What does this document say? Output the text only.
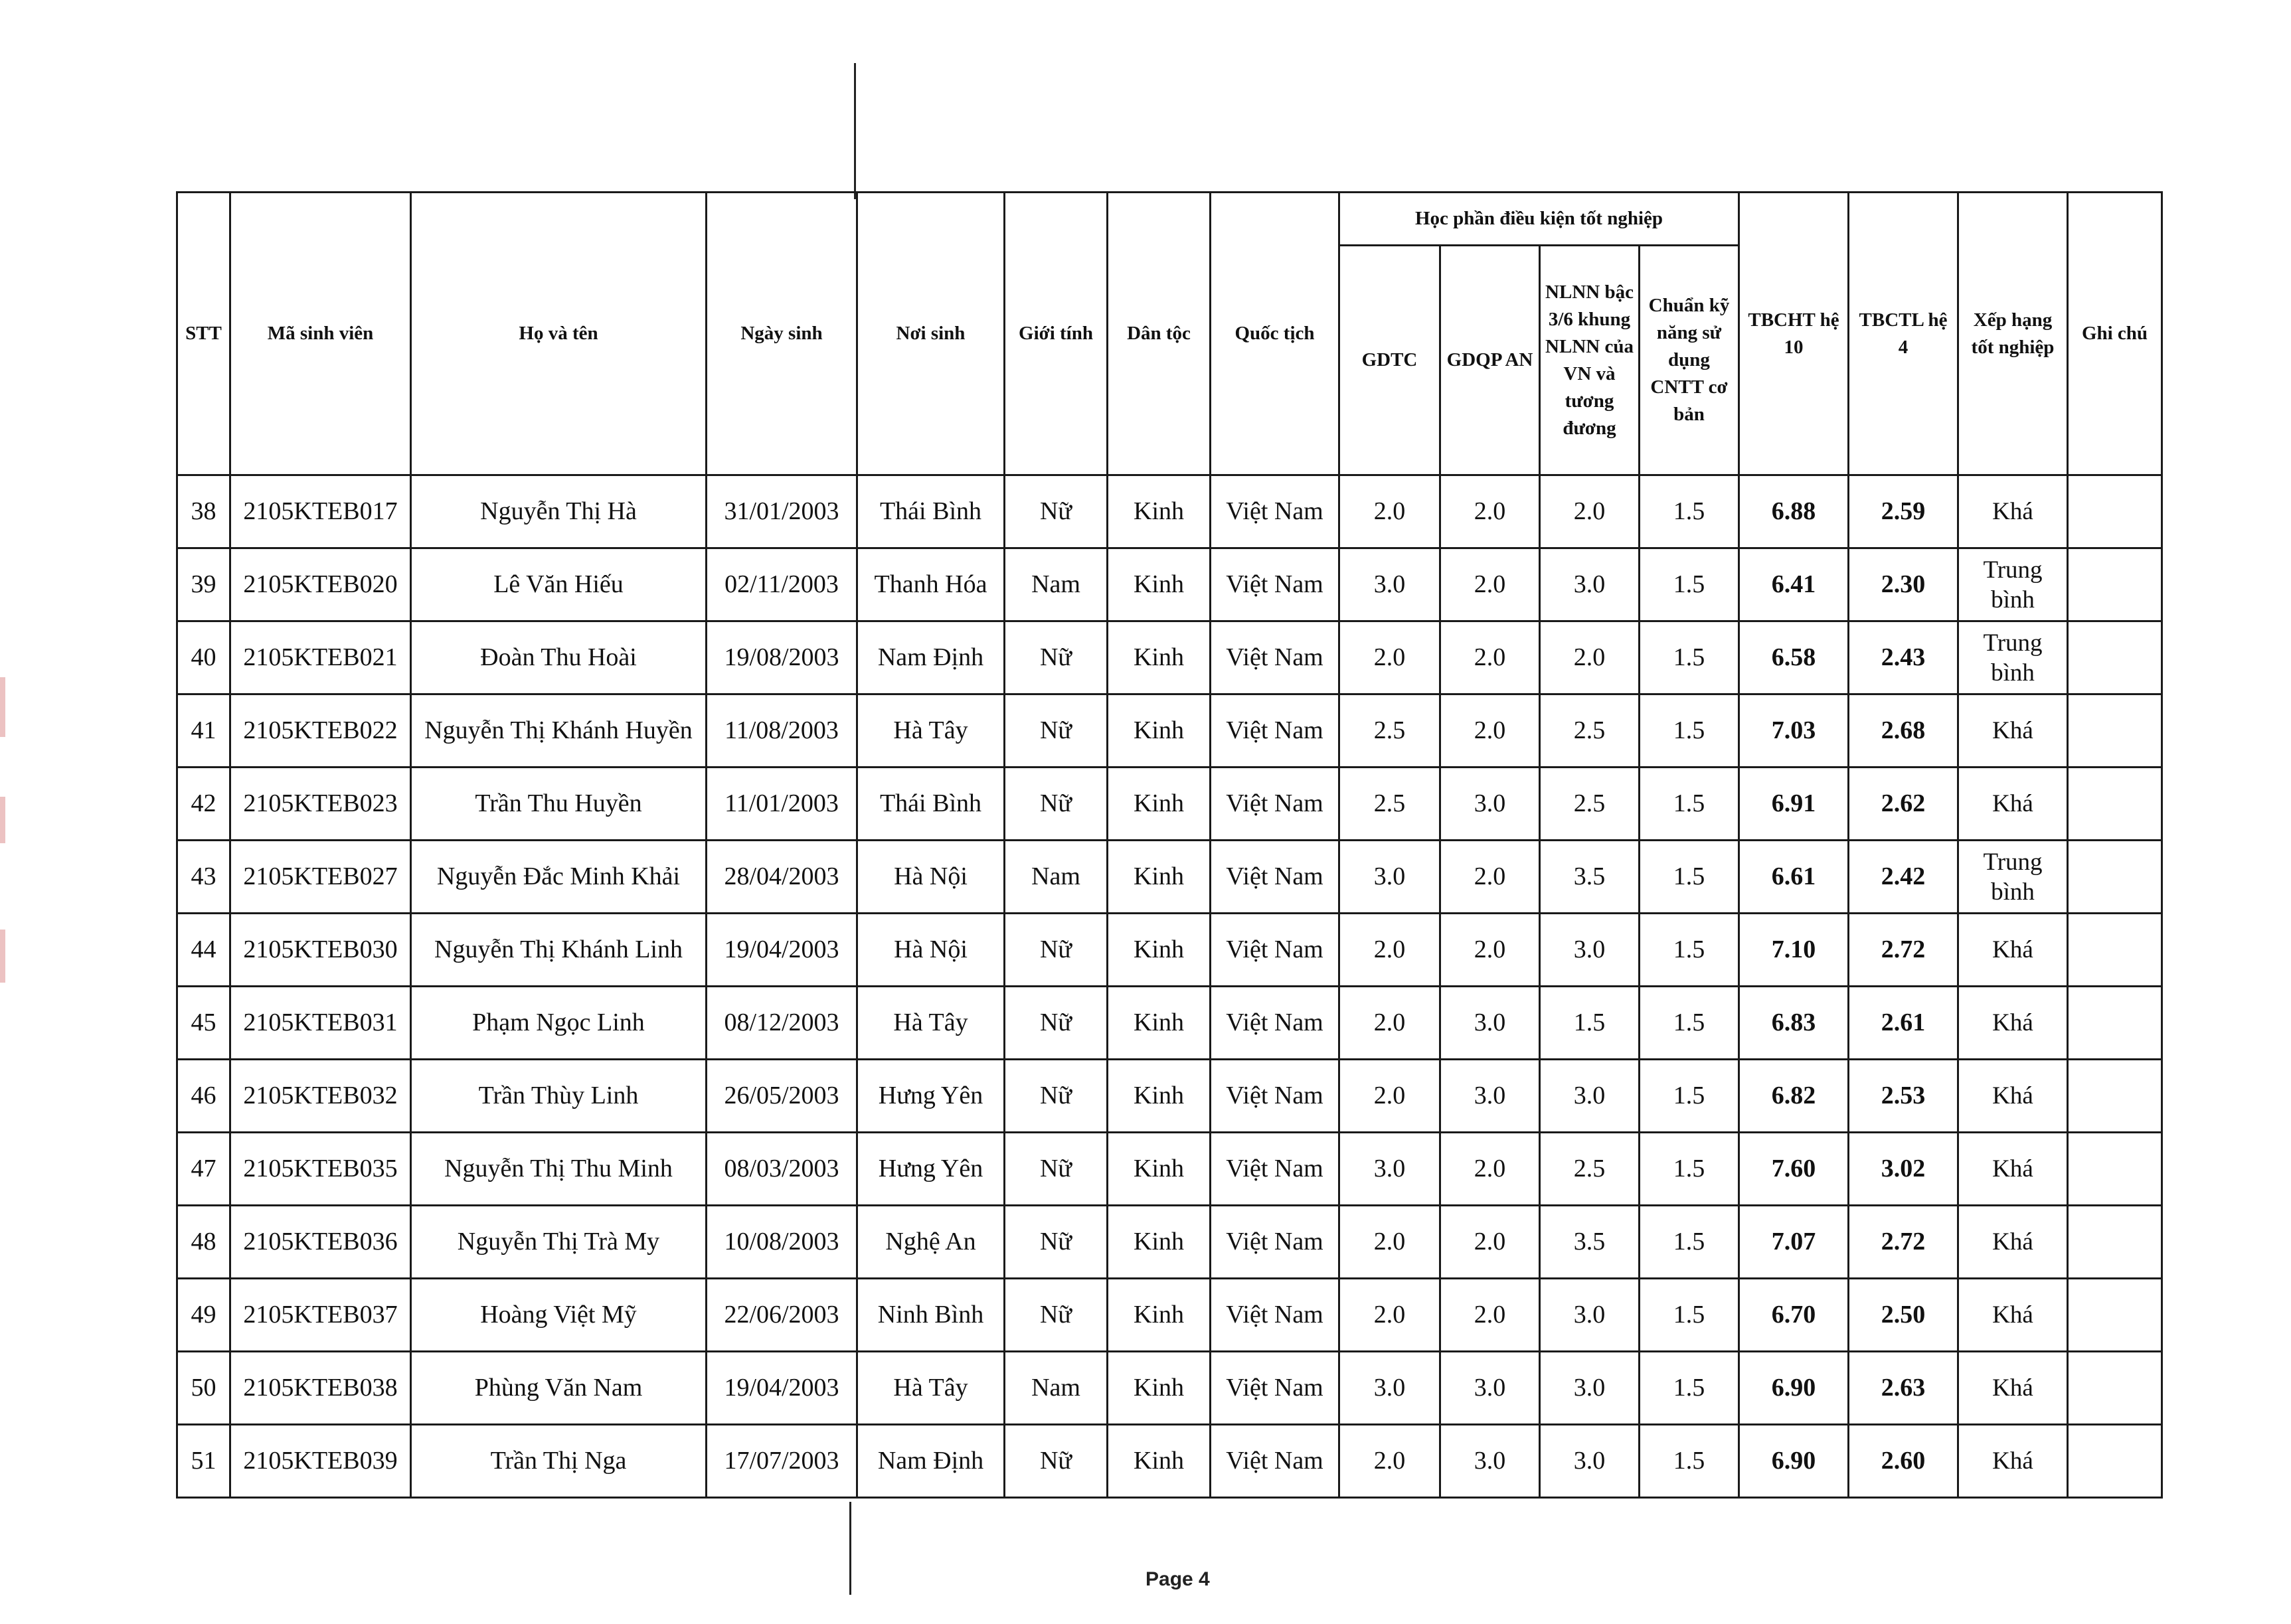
STT	Mã sinh viên	Họ và tên	Ngày sinh	Nơi sinh	Giới tính	Dân tộc	Quốc tịch	Học phần điều kiện tốt nghiệp				TBCHT hệ 10	TBCTL hệ 4	Xếp hạng tốt nghiệp	Ghi chú
								GDTC	GDQP AN	NLNN bậc 3/6 khung NLNN của VN và tương đương	Chuẩn kỹ năng sử dụng CNTT cơ bản				
38	2105KTEB017	Nguyễn Thị Hà	31/01/2003	Thái Bình	Nữ	Kinh	Việt Nam	2.0	2.0	2.0	1.5	6.88	2.59	Khá	
39	2105KTEB020	Lê Văn Hiếu	02/11/2003	Thanh Hóa	Nam	Kinh	Việt Nam	3.0	2.0	3.0	1.5	6.41	2.30	Trung bình	
40	2105KTEB021	Đoàn Thu Hoài	19/08/2003	Nam Định	Nữ	Kinh	Việt Nam	2.0	2.0	2.0	1.5	6.58	2.43	Trung bình	
41	2105KTEB022	Nguyễn Thị Khánh Huyền	11/08/2003	Hà Tây	Nữ	Kinh	Việt Nam	2.5	2.0	2.5	1.5	7.03	2.68	Khá	
42	2105KTEB023	Trần Thu Huyền	11/01/2003	Thái Bình	Nữ	Kinh	Việt Nam	2.5	3.0	2.5	1.5	6.91	2.62	Khá	
43	2105KTEB027	Nguyễn Đắc Minh Khải	28/04/2003	Hà Nội	Nam	Kinh	Việt Nam	3.0	2.0	3.5	1.5	6.61	2.42	Trung bình	
44	2105KTEB030	Nguyễn Thị Khánh Linh	19/04/2003	Hà Nội	Nữ	Kinh	Việt Nam	2.0	2.0	3.0	1.5	7.10	2.72	Khá	
45	2105KTEB031	Phạm Ngọc Linh	08/12/2003	Hà Tây	Nữ	Kinh	Việt Nam	2.0	3.0	1.5	1.5	6.83	2.61	Khá	
46	2105KTEB032	Trần Thùy Linh	26/05/2003	Hưng Yên	Nữ	Kinh	Việt Nam	2.0	3.0	3.0	1.5	6.82	2.53	Khá	
47	2105KTEB035	Nguyễn Thị Thu Minh	08/03/2003	Hưng Yên	Nữ	Kinh	Việt Nam	3.0	2.0	2.5	1.5	7.60	3.02	Khá	
48	2105KTEB036	Nguyễn Thị Trà My	10/08/2003	Nghệ An	Nữ	Kinh	Việt Nam	2.0	2.0	3.5	1.5	7.07	2.72	Khá	
49	2105KTEB037	Hoàng Việt Mỹ	22/06/2003	Ninh Bình	Nữ	Kinh	Việt Nam	2.0	2.0	3.0	1.5	6.70	2.50	Khá	
50	2105KTEB038	Phùng Văn Nam	19/04/2003	Hà Tây	Nam	Kinh	Việt Nam	3.0	3.0	3.0	1.5	6.90	2.63	Khá	
51	2105KTEB039	Trần Thị Nga	17/07/2003	Nam Định	Nữ	Kinh	Việt Nam	2.0	3.0	3.0	1.5	6.90	2.60	Khá	
Page 4
